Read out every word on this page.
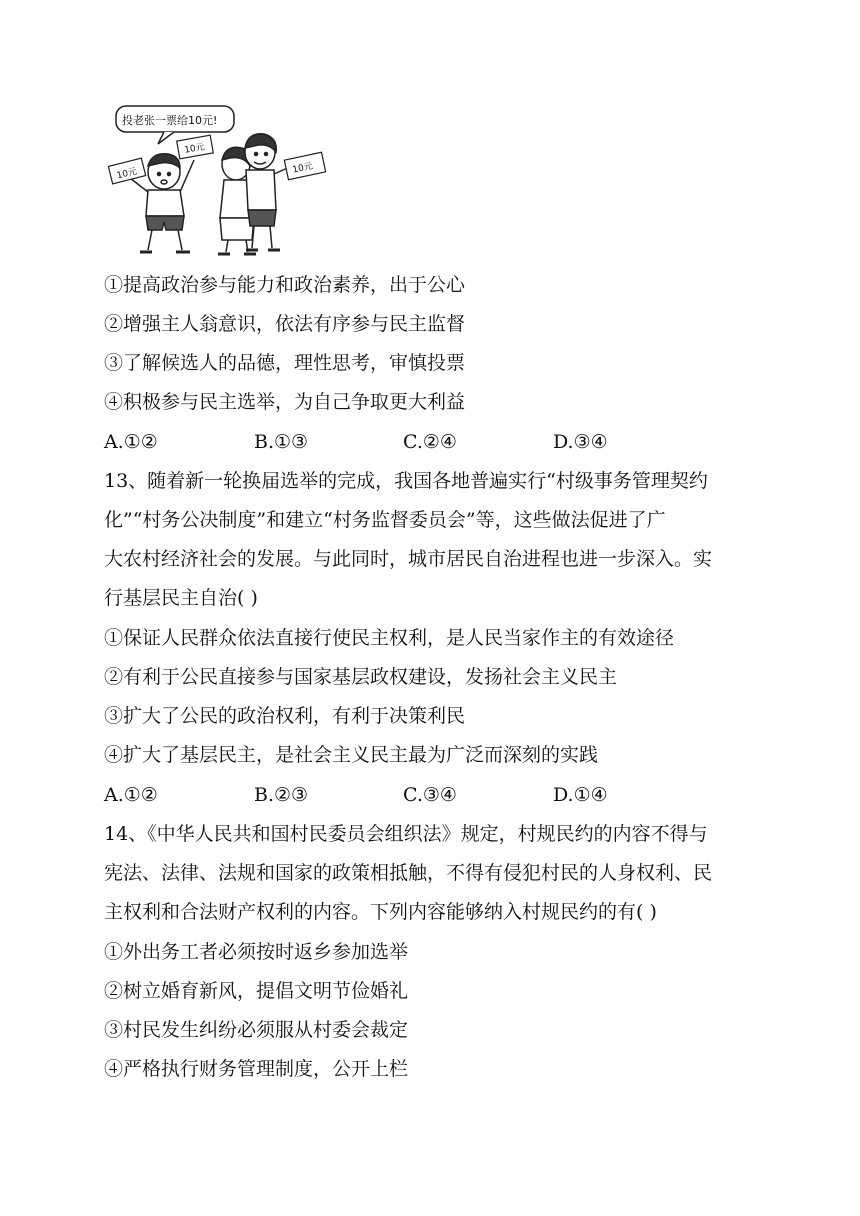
投老张一票给10元!
10元
10元
10元
①提高政治参与能力和政治素养，出于公心
②增强主人翁意识，依法有序参与民主监督
③了解候选人的品德，理性思考，审慎投票
④积极参与民主选举，为自己争取更大利益
A.①②	B.①③	C.②④	D.③④
13、随着新一轮换届选举的完成，我国各地普遍实行“村级事务管理契约
化”“村务公决制度”和建立“村务监督委员会”等，这些做法促进了广
大农村经济社会的发展。与此同时，城市居民自治进程也进一步深入。实
行基层民主自治( )
①保证人民群众依法直接行使民主权利，是人民当家作主的有效途径
②有利于公民直接参与国家基层政权建设，发扬社会主义民主
③扩大了公民的政治权利，有利于决策利民
④扩大了基层民主，是社会主义民主最为广泛而深刻的实践
A.①②	B.②③	C.③④	D.①④
14、《中华人民共和国村民委员会组织法》规定，村规民约的内容不得与
宪法、法律、法规和国家的政策相抵触，不得有侵犯村民的人身权利、民
主权利和合法财产权利的内容。下列内容能够纳入村规民约的有( )
①外出务工者必须按时返乡参加选举
②树立婚育新风，提倡文明节俭婚礼
③村民发生纠纷必须服从村委会裁定
④严格执行财务管理制度，公开上栏
